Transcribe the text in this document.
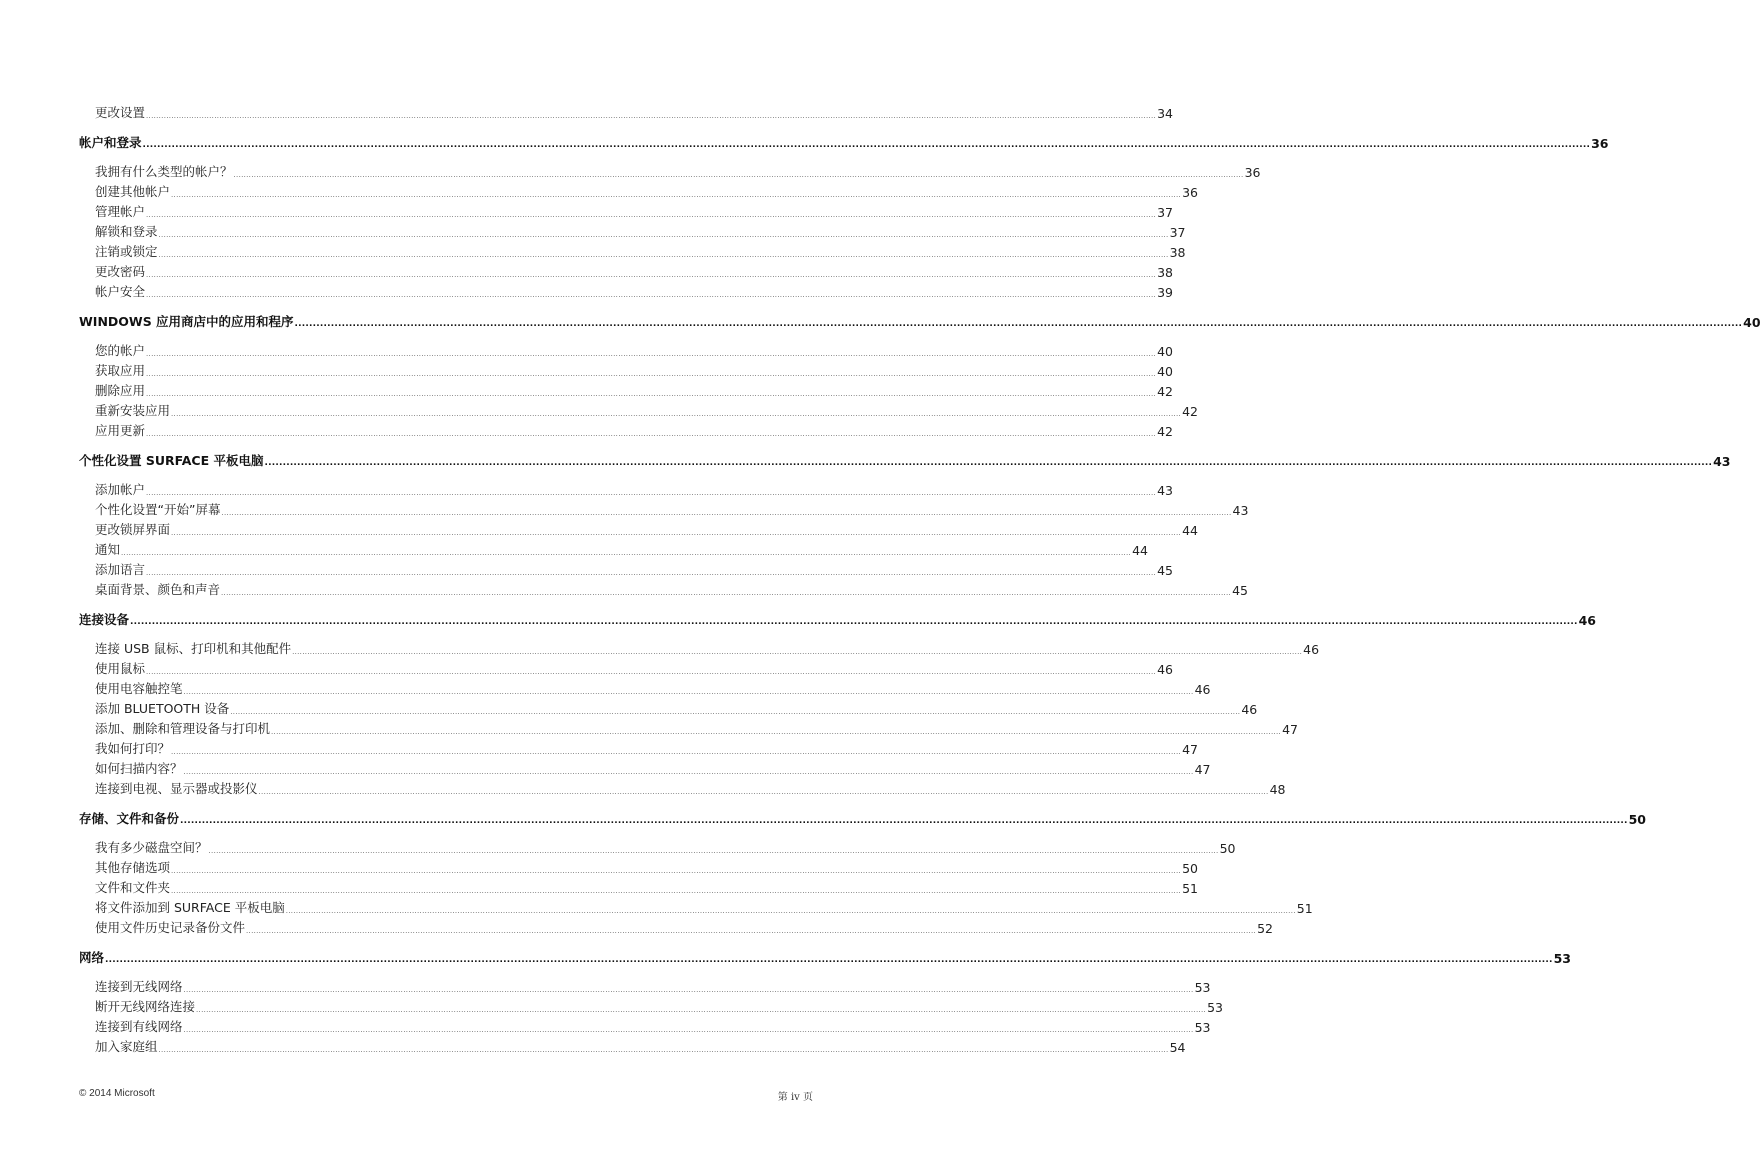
更改设置 ................................................................................................................................................................................................................................................................................................................................................................................................................ 34
帐户和登录 ................................................................................................................................................................................................................................................................................................................................................................................................................ 36
我拥有什么类型的帐户？ ................................................................................................................................................................................................................................................................................................................................................................................................................ 36
创建其他帐户 ................................................................................................................................................................................................................................................................................................................................................................................................................ 36
管理帐户 ................................................................................................................................................................................................................................................................................................................................................................................................................ 37
解锁和登录 ................................................................................................................................................................................................................................................................................................................................................................................................................ 37
注销或锁定 ................................................................................................................................................................................................................................................................................................................................................................................................................ 38
更改密码 ................................................................................................................................................................................................................................................................................................................................................................................................................ 38
帐户安全 ................................................................................................................................................................................................................................................................................................................................................................................................................ 39
WINDOWS 应用商店中的应用和程序 ................................................................................................................................................................................................................................................................................................................................................................................................................ 40
您的帐户 ................................................................................................................................................................................................................................................................................................................................................................................................................ 40
获取应用 ................................................................................................................................................................................................................................................................................................................................................................................................................ 40
删除应用 ................................................................................................................................................................................................................................................................................................................................................................................................................ 42
重新安装应用 ................................................................................................................................................................................................................................................................................................................................................................................................................ 42
应用更新 ................................................................................................................................................................................................................................................................................................................................................................................................................ 42
个性化设置 SURFACE 平板电脑 ................................................................................................................................................................................................................................................................................................................................................................................................................ 43
添加帐户 ................................................................................................................................................................................................................................................................................................................................................................................................................ 43
个性化设置“开始”屏幕 ................................................................................................................................................................................................................................................................................................................................................................................................................ 43
更改锁屏界面 ................................................................................................................................................................................................................................................................................................................................................................................................................ 44
通知 ................................................................................................................................................................................................................................................................................................................................................................................................................ 44
添加语言 ................................................................................................................................................................................................................................................................................................................................................................................................................ 45
桌面背景、颜色和声音 ................................................................................................................................................................................................................................................................................................................................................................................................................ 45
连接设备 ................................................................................................................................................................................................................................................................................................................................................................................................................ 46
连接 USB 鼠标、打印机和其他配件 ................................................................................................................................................................................................................................................................................................................................................................................................................ 46
使用鼠标 ................................................................................................................................................................................................................................................................................................................................................................................................................ 46
使用电容触控笔 ................................................................................................................................................................................................................................................................................................................................................................................................................ 46
添加 BLUETOOTH 设备 ................................................................................................................................................................................................................................................................................................................................................................................................................ 46
添加、删除和管理设备与打印机 ................................................................................................................................................................................................................................................................................................................................................................................................................ 47
我如何打印？ ................................................................................................................................................................................................................................................................................................................................................................................................................ 47
如何扫描内容？ ................................................................................................................................................................................................................................................................................................................................................................................................................ 47
连接到电视、显示器或投影仪 ................................................................................................................................................................................................................................................................................................................................................................................................................ 48
存储、文件和备份 ................................................................................................................................................................................................................................................................................................................................................................................................................ 50
我有多少磁盘空间？ ................................................................................................................................................................................................................................................................................................................................................................................................................ 50
其他存储选项 ................................................................................................................................................................................................................................................................................................................................................................................................................ 50
文件和文件夹 ................................................................................................................................................................................................................................................................................................................................................................................................................ 51
将文件添加到 SURFACE 平板电脑 ................................................................................................................................................................................................................................................................................................................................................................................................................ 51
使用文件历史记录备份文件 ................................................................................................................................................................................................................................................................................................................................................................................................................ 52
网络 ................................................................................................................................................................................................................................................................................................................................................................................................................ 53
连接到无线网络 ................................................................................................................................................................................................................................................................................................................................................................................................................ 53
断开无线网络连接 ................................................................................................................................................................................................................................................................................................................................................................................................................ 53
连接到有线网络 ................................................................................................................................................................................................................................................................................................................................................................................................................ 53
加入家庭组 ................................................................................................................................................................................................................................................................................................................................................................................................................ 54
© 2014 Microsoft	第 iv 页
